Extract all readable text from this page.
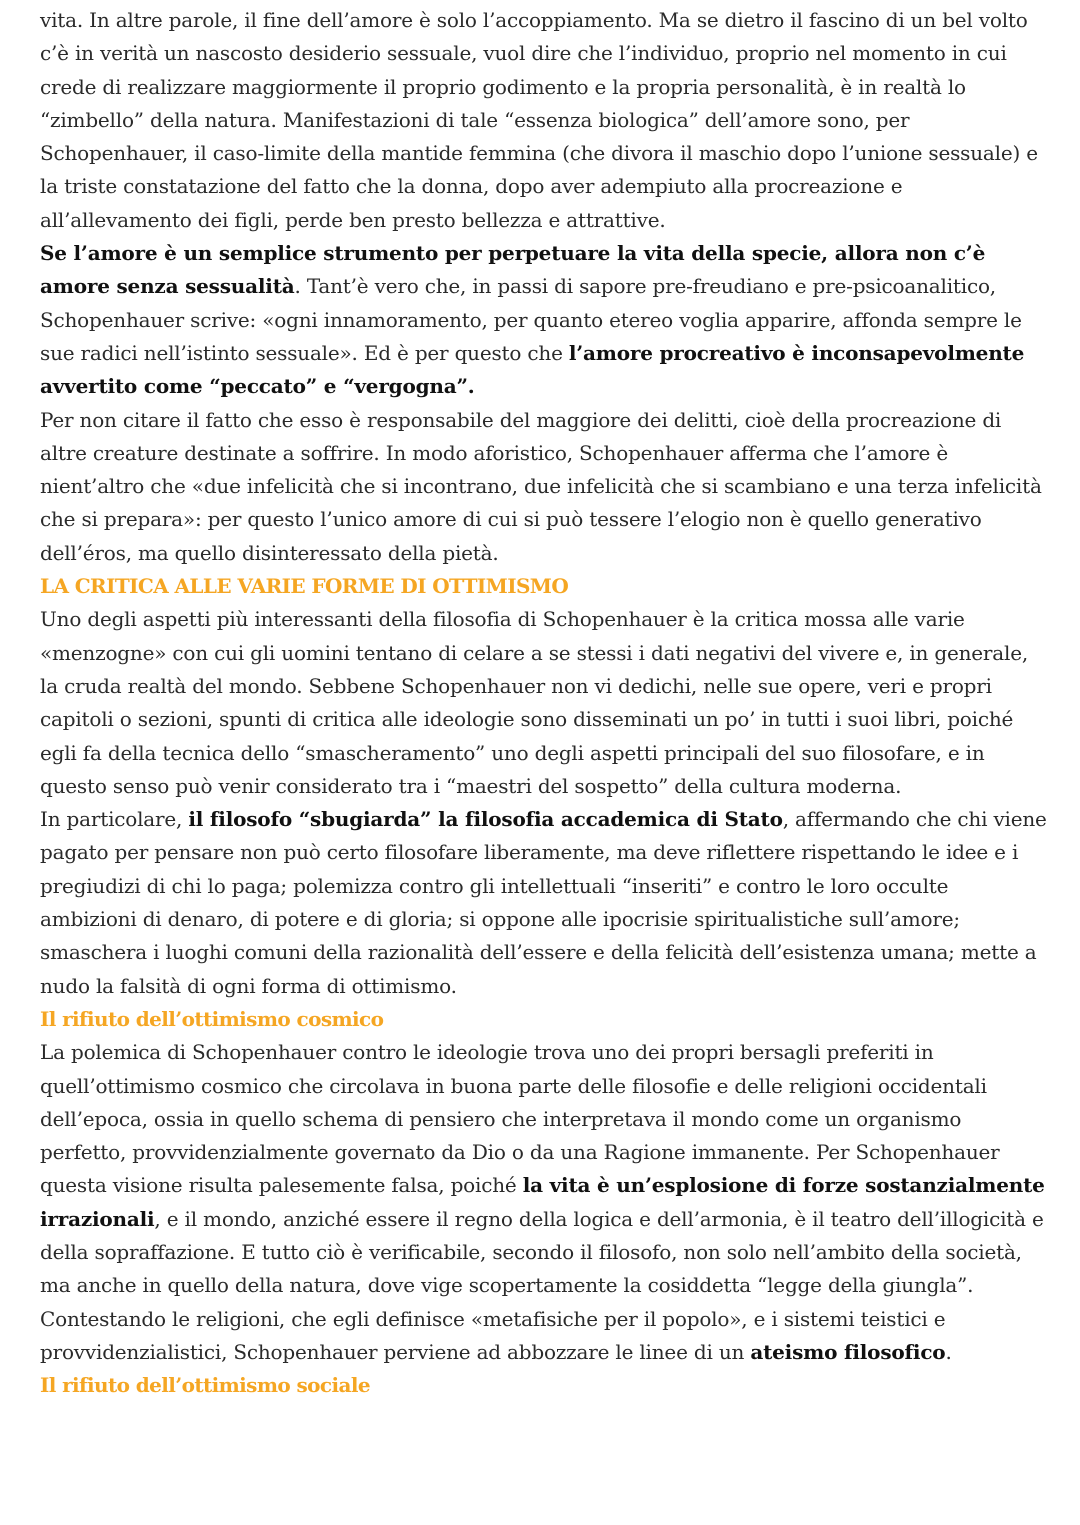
vita. In altre parole, il fine dell’amore è solo l’accoppiamento. Ma se dietro il fascino di un bel volto c’è in verità un nascosto desiderio sessuale, vuol dire che l’individuo, proprio nel momento in cui crede di realizzare maggiormente il proprio godimento e la propria personalità, è in realtà lo “zimbello” della natura. Manifestazioni di tale “essenza biologica” dell’amore sono, per Schopenhauer, il caso-limite della mantide femmina (che divora il maschio dopo l’unione sessuale) e la triste constatazione del fatto che la donna, dopo aver adempiuto alla procreazione e all’allevamento dei figli, perde ben presto bellezza e attrattive.

Se l’amore è un semplice strumento per perpetuare la vita della specie, allora non c’è amore senza sessualità. Tant’è vero che, in passi di sapore pre-freudiano e pre-psicoanalitico, Schopenhauer scrive: «ogni innamoramento, per quanto etereo voglia apparire, affonda sempre le sue radici nell’istinto sessuale». Ed è per questo che l’amore procreativo è inconsapevolmente avvertito come “peccato” e “vergogna”.

Per non citare il fatto che esso è responsabile del maggiore dei delitti, cioè della procreazione di altre creature destinate a soffrire. In modo aforistico, Schopenhauer afferma che l’amore è nient’altro che «due infelicità che si incontrano, due infelicità che si scambiano e una terza infelicità che si prepara»: per questo l’unico amore di cui si può tessere l’elogio non è quello generativo dell’éros, ma quello disinteressato della pietà.

LA CRITICA ALLE VARIE FORME DI OTTIMISMO

Uno degli aspetti più interessanti della filosofia di Schopenhauer è la critica mossa alle varie «menzogne» con cui gli uomini tentano di celare a se stessi i dati negativi del vivere e, in generale, la cruda realtà del mondo. Sebbene Schopenhauer non vi dedichi, nelle sue opere, veri e propri capitoli o sezioni, spunti di critica alle ideologie sono disseminati un po’ in tutti i suoi libri, poiché egli fa della tecnica dello “smascheramento” uno degli aspetti principali del suo filosofare, e in questo senso può venir considerato tra i “maestri del sospetto” della cultura moderna.

In particolare, il filosofo “sbugiarda” la filosofia accademica di Stato, affermando che chi viene pagato per pensare non può certo filosofare liberamente, ma deve riflettere rispettando le idee e i pregiudizi di chi lo paga; polemizza contro gli intellettuali “inseriti” e contro le loro occulte ambizioni di denaro, di potere e di gloria; si oppone alle ipocrisie spiritualistiche sull’amore; smaschera i luoghi comuni della razionalità dell’essere e della felicità dell’esistenza umana; mette a nudo la falsità di ogni forma di ottimismo.

Il rifiuto dell’ottimismo cosmico

La polemica di Schopenhauer contro le ideologie trova uno dei propri bersagli preferiti in quell’ottimismo cosmico che circolava in buona parte delle filosofie e delle religioni occidentali dell’epoca, ossia in quello schema di pensiero che interpretava il mondo come un organismo perfetto, provvidenzialmente governato da Dio o da una Ragione immanente. Per Schopenhauer questa visione risulta palesemente falsa, poiché la vita è un’esplosione di forze sostanzialmente irrazionali, e il mondo, anziché essere il regno della logica e dell’armonia, è il teatro dell’illogicità e della sopraffazione. E tutto ciò è verificabile, secondo il filosofo, non solo nell’ambito della società, ma anche in quello della natura, dove vige scopertamente la cosiddetta “legge della giungla”.

Contestando le religioni, che egli definisce «metafisiche per il popolo», e i sistemi teistici e provvidenzialistici, Schopenhauer perviene ad abbozzare le linee di un ateismo filosofico.

Il rifiuto dell’ottimismo sociale
